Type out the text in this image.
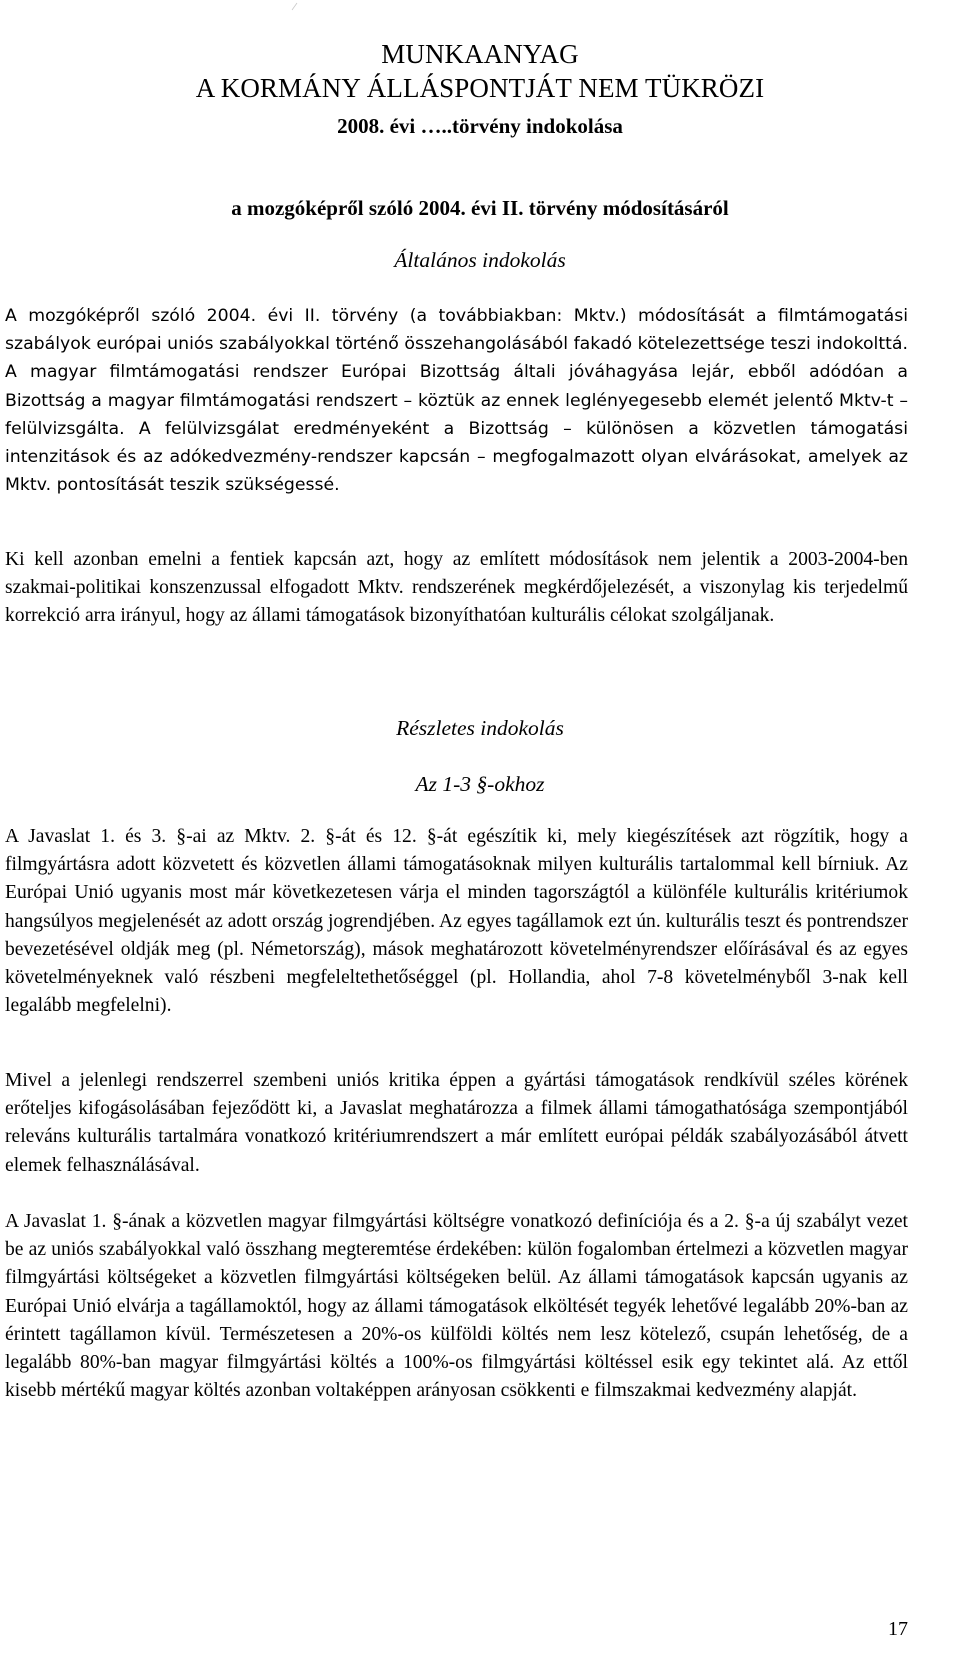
MUNKAANYAG
A KORMÁNY ÁLLÁSPONTJÁT NEM TÜKRÖZI
2008. évi …..törvény indokolása
a mozgóképről szóló 2004. évi II. törvény módosításáról
Általános indokolás

A mozgóképről szóló 2004. évi II. törvény (a továbbiakban: Mktv.) módosítását a filmtámogatási szabályok európai uniós szabályokkal történő összehangolásából fakadó kötelezettsége teszi indokolttá. A magyar filmtámogatási rendszer Európai Bizottság általi jóváhagyása lejár, ebből adódóan a Bizottság a magyar filmtámogatási rendszert – köztük az ennek leglényegesebb elemét jelentő Mktv-t – felülvizsgálta. A felülvizsgálat eredményeként a Bizottság – különösen a közvetlen támogatási intenzitások és az adókedvezmény-rendszer kapcsán – megfogalmazott olyan elvárásokat, amelyek az Mktv. pontosítását teszik szükségessé.

Ki kell azonban emelni a fentiek kapcsán azt, hogy az említett módosítások nem jelentik a 2003-2004-ben szakmai-politikai konszenzussal elfogadott Mktv. rendszerének megkérdőjelezését, a viszonylag kis terjedelmű korrekció arra irányul, hogy az állami támogatások bizonyíthatóan kulturális célokat szolgáljanak.

Részletes indokolás
Az 1-3 §-okhoz

A Javaslat 1. és 3. §-ai az Mktv. 2. §-át és 12. §-át egészítik ki, mely kiegészítések azt rögzítik, hogy a filmgyártásra adott közvetett és közvetlen állami támogatásoknak milyen kulturális tartalommal kell bírniuk. Az Európai Unió ugyanis most már következetesen várja el minden tagországtól a különféle kulturális kritériumok hangsúlyos megjelenését az adott ország jogrendjében. Az egyes tagállamok ezt ún. kulturális teszt és pontrendszer bevezetésével oldják meg (pl. Németország), mások meghatározott követelményrendszer előírásával és az egyes követelményeknek való részbeni megfeleltethetőséggel (pl. Hollandia, ahol 7-8 követelményből 3-nak kell legalább megfelelni).

Mivel a jelenlegi rendszerrel szembeni uniós kritika éppen a gyártási támogatások rendkívül széles körének erőteljes kifogásolásában fejeződött ki, a Javaslat meghatározza a filmek állami támogathatósága szempontjából releváns kulturális tartalmára vonatkozó kritériumrendszert a már említett európai példák szabályozásából átvett elemek felhasználásával.

A Javaslat 1. §-ának a közvetlen magyar filmgyártási költségre vonatkozó definíciója és a 2. §-a új szabályt vezet be az uniós szabályokkal való összhang megteremtése érdekében: külön fogalomban értelmezi a közvetlen magyar filmgyártási költségeket a közvetlen filmgyártási költségeken belül. Az állami támogatások kapcsán ugyanis az Európai Unió elvárja a tagállamoktól, hogy az állami támogatások elköltését tegyék lehetővé legalább 20%-ban az érintett tagállamon kívül. Természetesen a 20%-os külföldi költés nem lesz kötelező, csupán lehetőség, de a legalább 80%-ban magyar filmgyártási költés a 100%-os filmgyártási költéssel esik egy tekintet alá. Az ettől kisebb mértékű magyar költés azonban voltaképpen arányosan csökkenti e filmszakmai kedvezmény alapját.

17
